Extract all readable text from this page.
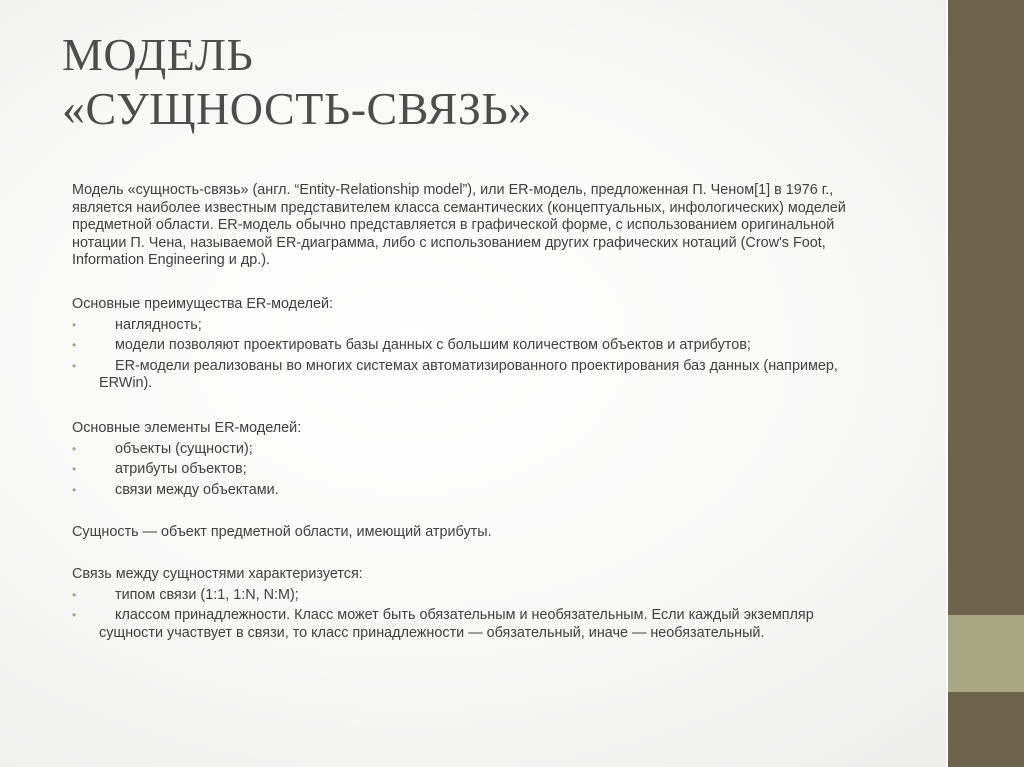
МОДЕЛЬ
«СУЩНОСТЬ-СВЯЗЬ»

Модель «сущность-связь» (англ. “Entity-Relationship model”), или ER-модель, предложенная П. Ченом[1] в 1976 г., является наиболее известным представителем класса семантических (концептуальных, инфологических) моделей предметной области. ER-модель обычно представляется в графической форме, с использованием оригинальной нотации П. Чена, называемой ER-диаграмма, либо с использованием других графических нотаций (Crow's Foot, Information Engineering и др.).

Основные преимущества ER-моделей:

•	наглядность;
•	модели позволяют проектировать базы данных с большим количеством объектов и атрибутов;
•	ER-модели реализованы во многих системах автоматизированного проектирования баз данных (например, ERWin).

Основные элементы ER-моделей:

•	объекты (сущности);
•	атрибуты объектов;
•	связи между объектами.

Сущность — объект предметной области, имеющий атрибуты.

Связь между сущностями характеризуется:

•	типом связи (1:1, 1:N, N:M);
•	классом принадлежности. Класс может быть обязательным и необязательным. Если каждый экземпляр сущности участвует в связи, то класс принадлежности — обязательный, иначе — необязательный.
